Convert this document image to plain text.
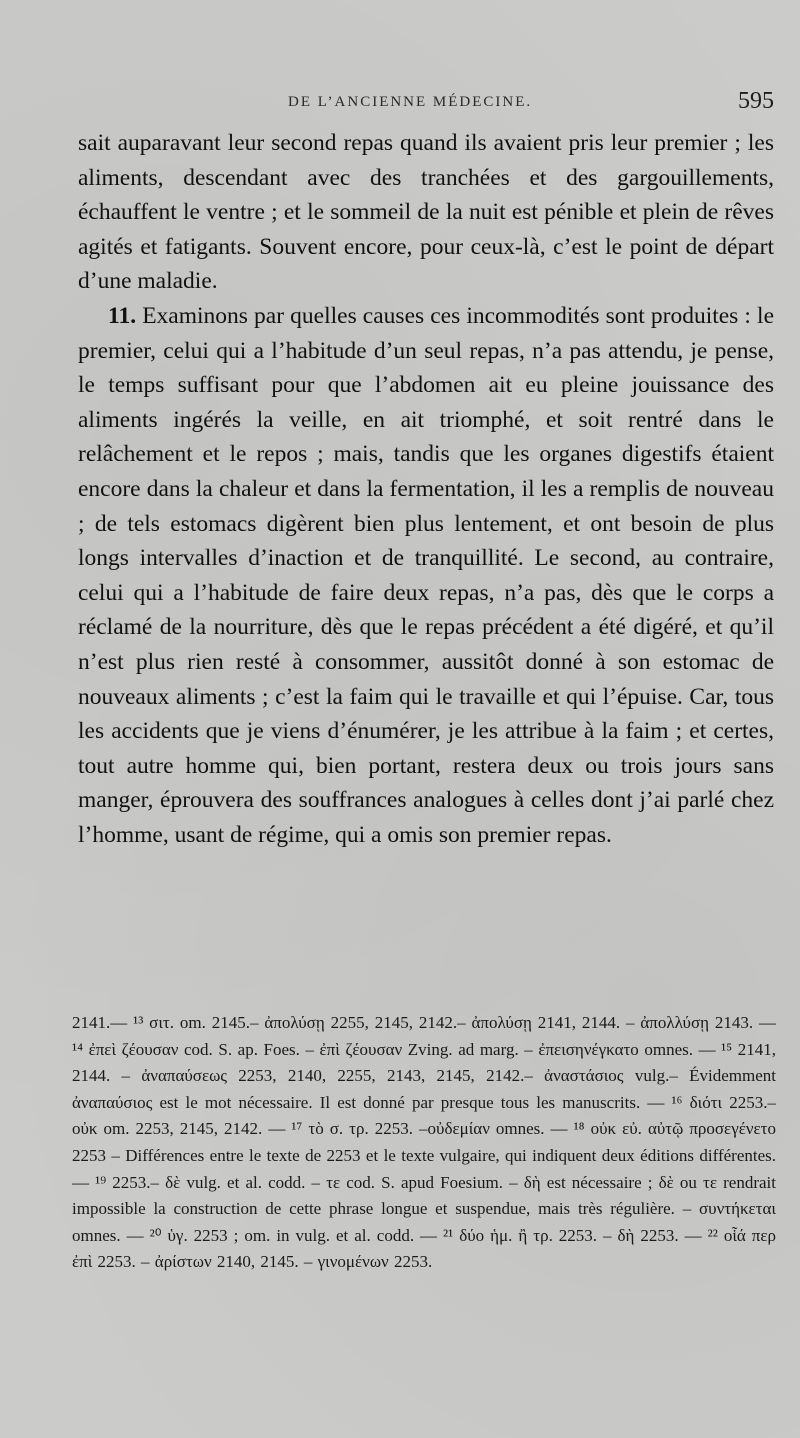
DE L’ANCIENNE MÉDECINE.	595

sait auparavant leur second repas quand ils avaient pris leur premier ; les aliments, descendant avec des tranchées et des gargouillements, échauffent le ventre ; et le sommeil de la nuit est pénible et plein de rêves agités et fatigants. Souvent encore, pour ceux-là, c’est le point de départ d’une maladie.

11. Examinons par quelles causes ces incommodités sont produites : le premier, celui qui a l’habitude d’un seul repas, n’a pas attendu, je pense, le temps suffisant pour que l’abdomen ait eu pleine jouissance des aliments ingérés la veille, en ait triomphé, et soit rentré dans le relâchement et le repos ; mais, tandis que les organes digestifs étaient encore dans la chaleur et dans la fermentation, il les a remplis de nouveau ; de tels estomacs digèrent bien plus lentement, et ont besoin de plus longs intervalles d’inaction et de tranquillité. Le second, au contraire, celui qui a l’habitude de faire deux repas, n’a pas, dès que le corps a réclamé de la nourriture, dès que le repas précédent a été digéré, et qu’il n’est plus rien resté à consommer, aussitôt donné à son estomac de nouveaux aliments ; c’est la faim qui le travaille et qui l’épuise. Car, tous les accidents que je viens d’énumérer, je les attribue à la faim ; et certes, tout autre homme qui, bien portant, restera deux ou trois jours sans manger, éprouvera des souffrances analogues à celles dont j’ai parlé chez l’homme, usant de régime, qui a omis son premier repas.

2141.— ¹³ σιτ. om. 2145.– ἀπολύσῃ 2255, 2145, 2142.– ἀπολύσῃ 2141, 2144. – ἀπολλύσῃ 2143. — ¹⁴ ἐπεὶ ζέουσαν cod. S. ap. Foes. – ἐπὶ ζέουσαν Zving. ad marg. – ἐπεισηνέγκατο omnes. — ¹⁵ 2141, 2144. – ἀναπαύσεως 2253, 2140, 2255, 2143, 2145, 2142.– ἀναστάσιος vulg.– Évidemment ἀναπαύσιος est le mot nécessaire. Il est donné par presque tous les manuscrits. — ¹⁶ διότι 2253.– οὐκ om. 2253, 2145, 2142. — ¹⁷ τὸ σ. τρ. 2253. –οὐδεμίαν omnes. — ¹⁸ οὐκ εὐ. αὐτῷ προσεγένετο 2253 – Différences entre le texte de 2253 et le texte vulgaire, qui indiquent deux éditions différentes. — ¹⁹ 2253.– δὲ vulg. et al. codd. – τε cod. S. apud Foesium. – δὴ est nécessaire ; δὲ ou τε rendrait impossible la construction de cette phrase longue et suspendue, mais très régulière. – συντήκεται omnes. — ²⁰ ὑγ. 2253 ; om. in vulg. et al. codd. — ²¹ δύο ἡμ. ἢ τρ. 2253. – δὴ 2253. — ²² οἷά περ ἐπὶ 2253. – ἀρίστων 2140, 2145. – γινομένων 2253.
